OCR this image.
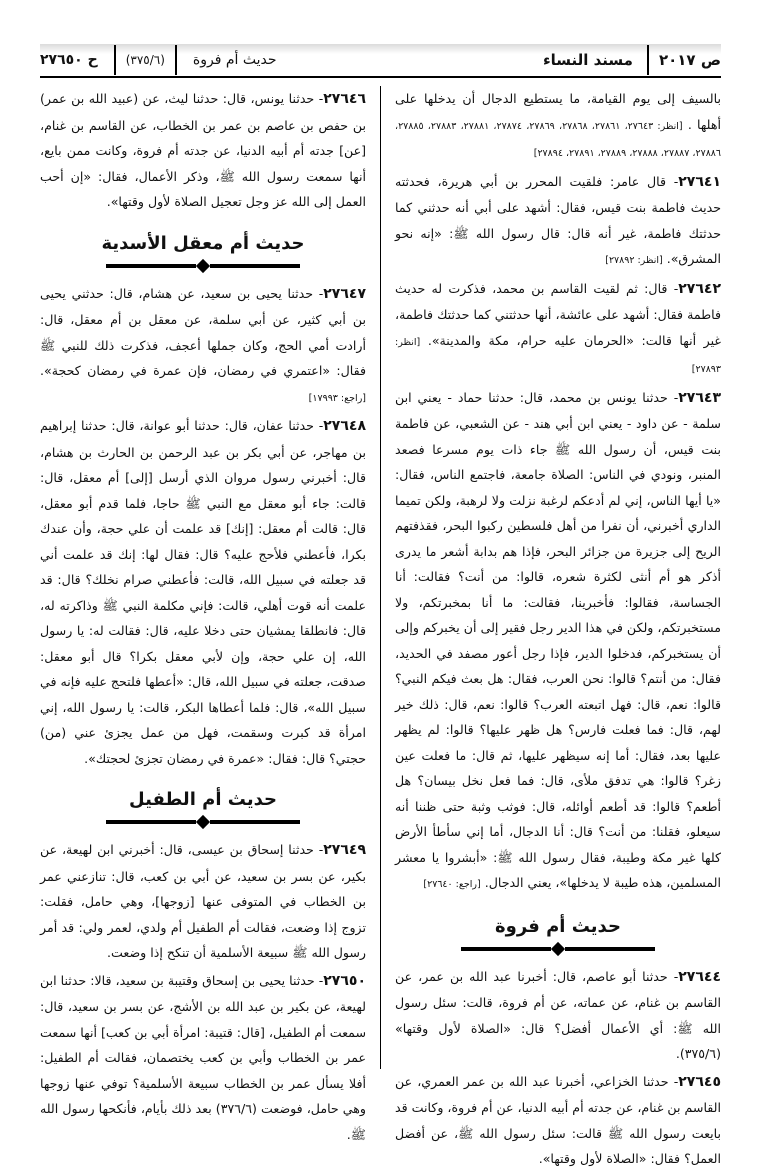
ص ٢٠١٧
مسند النساء
حديث أم فروة
(٣٧٥/٦)
ح ٢٧٦٥٠

بالسيف إلى يوم القيامة، ما يستطيع الدجال أن يدخلها على أهلها . [انظر: ٢٧٦٤٣، ٢٧٨٦١، ٢٧٨٦٨، ٢٧٨٦٩، ٢٧٨٧٤، ٢٧٨٨١، ٢٧٨٨٣، ٢٧٨٨٥، ٢٧٨٨٦، ٢٧٨٨٧، ٢٧٨٨٨، ٢٧٨٨٩، ٢٧٨٩١، ٢٧٨٩٤]

٢٧٦٤١- قال عامر: فلقيت المحرر بن أبي هريرة، فحدثته حديث فاطمة بنت قيس، فقال: أشهد على أبي أنه حدثني كما حدثتك فاطمة، غير أنه قال: قال رسول الله ﷺ: «إنه نحو المشرق». [انظر: ٢٧٨٩٢]

٢٧٦٤٢- قال: ثم لقيت القاسم بن محمد، فذكرت له حديث فاطمة فقال: أشهد على عائشة، أنها حدثتني كما حدثتك فاطمة، غير أنها قالت: «الحرمان عليه حرام، مكة والمدينة». [انظر: ٢٧٨٩٣]

٢٧٦٤٣- حدثنا يونس بن محمد، قال: حدثنا حماد - يعني ابن سلمة - عن داود - يعني ابن أبي هند - عن الشعبي، عن فاطمة بنت قيس، أن رسول الله ﷺ جاء ذات يوم مسرعا فصعد المنبر، ونودي في الناس: الصلاة جامعة، فاجتمع الناس، فقال: «يا أيها الناس، إني لم أدعكم لرغبة نزلت ولا لرهبة، ولكن تميما الداري أخبرني، أن نفرا من أهل فلسطين ركبوا البحر، فقذفتهم الريح إلى جزيرة من جزائر البحر، فإذا هم بدابة أشعر ما يدرى أذكر هو أم أنثى لكثرة شعره، قالوا: من أنت؟ فقالت: أنا الجساسة، فقالوا: فأخبرينا، فقالت: ما أنا بمخبرتكم، ولا مستخبرتكم، ولكن في هذا الدير رجل فقير إلى أن يخبركم وإلى أن يستخبركم، فدخلوا الدير، فإذا رجل أعور مصفد في الحديد، فقال: من أنتم؟ قالوا: نحن العرب، فقال: هل بعث فيكم النبي؟ قالوا: نعم، قال: فهل اتبعته العرب؟ قالوا: نعم، قال: ذلك خير لهم، قال: فما فعلت فارس؟ هل ظهر عليها؟ قالوا: لم يظهر عليها بعد، فقال: أما إنه سيظهر عليها، ثم قال: ما فعلت عين زغر؟ قالوا: هي تدفق ملأى، قال: فما فعل نخل بيسان؟ هل أطعم؟ قالوا: قد أطعم أوائله، قال: فوثب وثبة حتى ظننا أنه سيعلو، فقلنا: من أنت؟ قال: أنا الدجال، أما إني سأطأ الأرض كلها غير مكة وطيبة، فقال رسول الله ﷺ: «أبشروا يا معشر المسلمين، هذه طيبة لا يدخلها»، يعني الدجال. [راجع: ٢٧٦٤٠]

حديث أم فروة

٢٧٦٤٤- حدثنا أبو عاصم، قال: أخبرنا عبد الله بن عمر، عن القاسم بن غنام، عن عماته، عن أم فروة، قالت: سئل رسول الله ﷺ: أي الأعمال أفضل؟ قال: «الصلاة لأول وقتها» (٣٧٥/٦).

٢٧٦٤٥- حدثنا الخزاعي، أخبرنا عبد الله بن عمر العمري، عن القاسم بن غنام، عن جدته أم أبيه الدنيا، عن أم فروة، وكانت قد بايعت رسول الله ﷺ قالت: سئل رسول الله ﷺ، عن أفضل العمل؟ فقال: «الصلاة لأول وقتها».

٢٧٦٤٦- حدثنا يونس، قال: حدثنا ليث، عن (عبيد الله بن عمر) بن حفص بن عاصم بن عمر بن الخطاب، عن القاسم بن غنام، [عن] جدته أم أبيه الدنيا، عن جدته أم فروة، وكانت ممن بايع، أنها سمعت رسول الله ﷺ، وذكر الأعمال، فقال: «إن أحب العمل إلى الله عز وجل تعجيل الصلاة لأول وقتها».

حديث أم معقل الأسدية

٢٧٦٤٧- حدثنا يحيى بن سعيد، عن هشام، قال: حدثني يحيى بن أبي كثير، عن أبي سلمة، عن معقل بن أم معقل، قال: أرادت أمي الحج، وكان جملها أعجف، فذكرت ذلك للنبي ﷺ فقال: «اعتمري في رمضان، فإن عمرة في رمضان كحجة». [راجع: ١٧٩٩٣]

٢٧٦٤٨- حدثنا عفان، قال: حدثنا أبو عوانة، قال: حدثنا إبراهيم بن مهاجر، عن أبي بكر بن عبد الرحمن بن الحارث بن هشام، قال: أخبرني رسول مروان الذي أرسل [إلى] أم معقل، قال: قالت: جاء أبو معقل مع النبي ﷺ حاجا، فلما قدم أبو معقل، قال: قالت أم معقل: [إنك] قد علمت أن علي حجة، وأن عندك بكرا، فأعطني فلأحج عليه؟ قال: فقال لها: إنك قد علمت أني قد جعلته في سبيل الله، قالت: فأعطني صرام نخلك؟ قال: قد علمت أنه قوت أهلي، قالت: فإني مكلمة النبي ﷺ وذاكرته له، قال: فانطلقا يمشيان حتى دخلا عليه، قال: فقالت له: يا رسول الله، إن علي حجة، وإن لأبي معقل بكرا؟ قال أبو معقل: صدقت، جعلته في سبيل الله، قال: «أعطها فلتحج عليه فإنه في سبيل الله»، قال: فلما أعطاها البكر، قالت: يا رسول الله، إني امرأة قد كبرت وسقمت، فهل من عمل يجزئ عني (من) حجتي؟ قال: فقال: «عمرة في رمضان تجزئ لحجتك».

حديث أم الطفيل

٢٧٦٤٩- حدثنا إسحاق بن عيسى، قال: أخبرني ابن لهيعة، عن بكير، عن بسر بن سعيد، عن أبي بن كعب، قال: تنازعني عمر بن الخطاب في المتوفى عنها [زوجها]، وهي حامل، فقلت: تزوج إذا وضعت، فقالت أم الطفيل أم ولدي، لعمر ولي: قد أمر رسول الله ﷺ سبيعة الأسلمية أن تنكح إذا وضعت.

٢٧٦٥٠- حدثنا يحيى بن إسحاق وقتيبة بن سعيد، قالا: حدثنا ابن لهيعة، عن بكير بن عبد الله بن الأشج، عن بسر بن سعيد، قال: سمعت أم الطفيل، [قال: قتيبة: امرأة أبي بن كعب] أنها سمعت عمر بن الخطاب وأبي بن كعب يختصمان، فقالت أم الطفيل: أفلا يسأل عمر بن الخطاب سبيعة الأسلمية؟ توفي عنها زوجها وهي حامل، فوضعت (٣٧٦/٦) بعد ذلك بأيام، فأنكحها رسول الله ﷺ.
